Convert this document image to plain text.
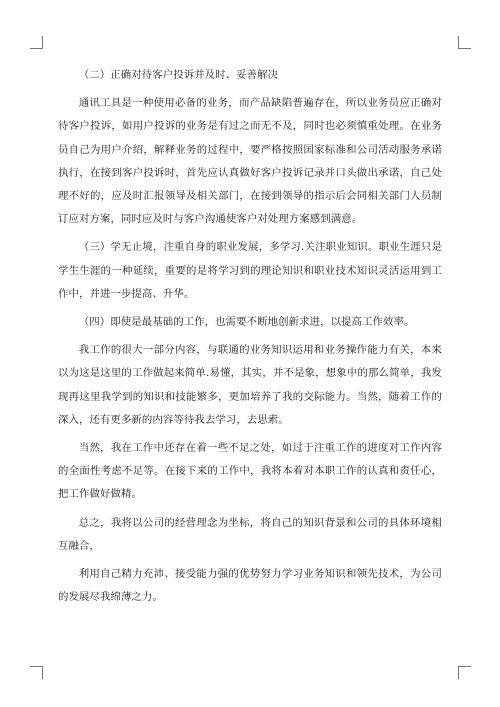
（二）正确对待客户投诉并及时、妥善解决

通讯工具是一种使用必备的业务，而产品缺陷普遍存在，所以业务员应正确对待客户投诉，如用户投诉的业务是有过之而无不及，同时也必须慎重处理。在业务员自己为用户介绍，解释业务的过程中，要严格按照国家标准和公司活动服务承诺执行，在接到客户投诉时，首先应认真做好客户投诉记录并口头做出承诺，自己处理不好的，应及时汇报领导及相关部门，在接到领导的指示后会同相关部门人员制订应对方案，同时应及时与客户沟通使客户对处理方案感到满意。

（三）学无止境，注重自身的职业发展，多学习.关注职业知识。职业生涯只是学生生涯的一种延续，重要的是将学习到的理论知识和职业技术知识灵活运用到工作中，并进一步提高、升华。

（四）即使是最基础的工作，也需要不断地创新求进，以提高工作效率。

我工作的很大一部分内容，与联通的业务知识运用和业务操作能力有关，本来以为这是这里的工作做起来简单.易懂，其实，并不是象，想象中的那么简单，我发现再这里我学到的知识和技能繁多，更加培养了我的交际能力。当然，随着工作的深入，还有更多新的内容等待我去学习，去思索。

当然，我在工作中还存在着一些不足之处，如过于注重工作的进度对工作内容的全面性考虑不足等。在接下来的工作中，我将本着对本职工作的认真和责任心，把工作做好做精。

总之，我将以公司的经营理念为坐标，将自己的知识背景和公司的具体环境相互融合，

利用自己精力充沛、接受能力强的优势努力学习业务知识和领先技术，为公司的发展尽我绵薄之力。
